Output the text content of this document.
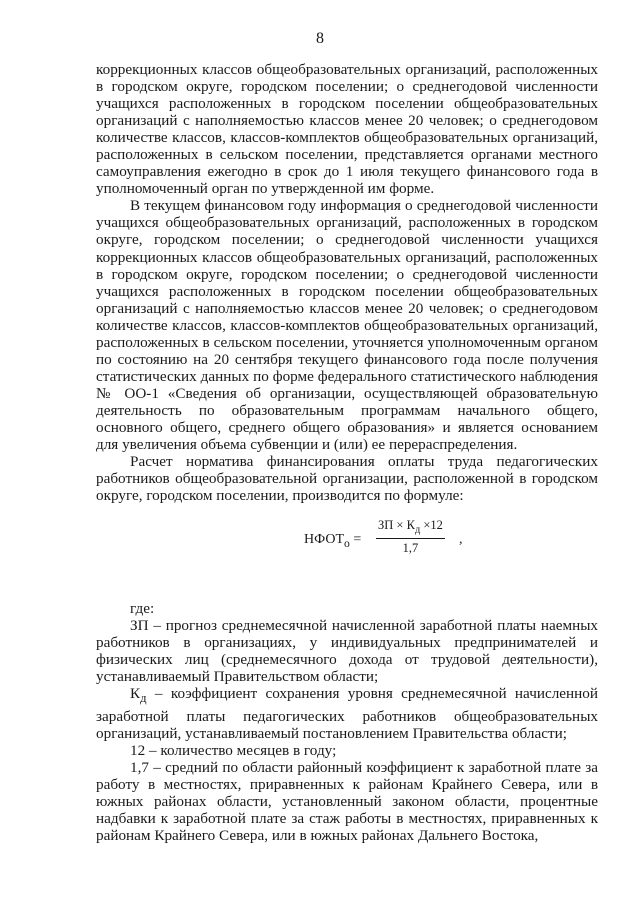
8

коррекционных классов общеобразовательных организаций, расположенных в городском округе, городском поселении; о среднегодовой численности учащихся расположенных в городском поселении общеобразовательных организаций с наполняемостью классов менее 20 человек; о среднегодовом количестве классов, классов-комплектов общеобразовательных организаций, расположенных в сельском поселении, представляется органами местного самоуправления ежегодно в срок до 1 июля текущего финансового года в уполномоченный орган по утвержденной им форме.

В текущем финансовом году информация о среднегодовой численности учащихся общеобразовательных организаций, расположенных в городском округе, городском поселении; о среднегодовой численности учащихся коррекционных классов общеобразовательных организаций, расположенных в городском округе, городском поселении; о среднегодовой численности учащихся расположенных в городском поселении общеобразовательных организаций с наполняемостью классов менее 20 человек; о среднегодовом количестве классов, классов-комплектов общеобразовательных организаций, расположенных в сельском поселении, уточняется уполномоченным органом по состоянию на 20 сентября текущего финансового года после получения статистических данных по форме федерального статистического наблюдения № ОО-1 «Сведения об организации, осуществляющей образовательную деятельность по образовательным программам начального общего, основного общего, среднего общего образования» и является основанием для увеличения объема субвенции и (или) ее перераспределения.

Расчет норматива финансирования оплаты труда педагогических работников общеобразовательной организации, расположенной в городском округе, городском поселении, производится по формуле:

$НФОТ_о$ =
ЗП × $К_д \times 12$
1,7
,

где:

ЗП – прогноз среднемесячной начисленной заработной платы наемных работников в организациях, у индивидуальных предпринимателей и физических лиц (среднемесячного дохода от трудовой деятельности), устанавливаемый Правительством области;

$К_д$ – коэффициент сохранения уровня среднемесячной начисленной заработной платы педагогических работников общеобразовательных организаций, устанавливаемый постановлением Правительства области;

12 – количество месяцев в году;

1,7 – средний по области районный коэффициент к заработной плате за работу в местностях, приравненных к районам Крайнего Севера, или в южных районах области, установленный законом области, процентные надбавки к заработной плате за стаж работы в местностях, приравненных к районам Крайнего Севера, или в южных районах Дальнего Востока,
